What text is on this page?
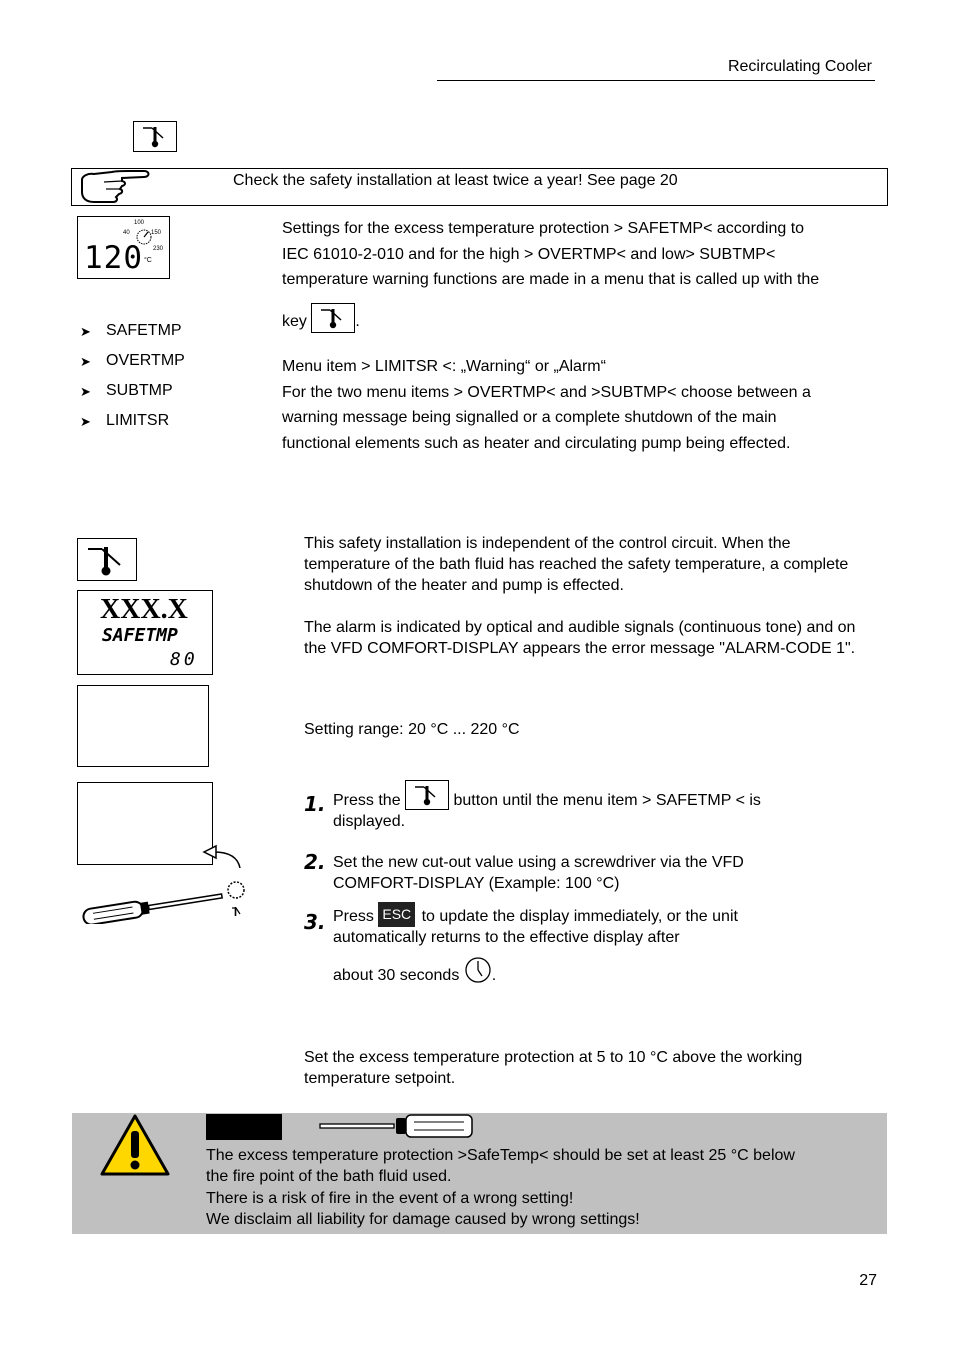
Recirculating Cooler
Check the safety installation at least twice a year! See page 20
120 °C
100
40	150
230
➤ SAFETMP
➤ OVERTMP
➤ SUBTMP
➤ LIMITSR
Settings for the excess temperature protection > SAFETMP< according to
IEC 61010-2-010 and for the high > OVERTMP< and low> SUBTMP<
temperature warning functions are made in a menu that is called up with the
key	.
Menu item > LIMITSR <: „Warning“ or „Alarm“
For the two menu items > OVERTMP< and >SUBTMP< choose between a
warning message being signalled or a complete shutdown of the main
functional elements such as heater and circulating pump being effected.
XXX.X
SAFETMP
80
This safety installation is independent of the control circuit. When the temperature of the bath fluid has reached the safety temperature, a complete shutdown of the heater and pump is effected.
The alarm is indicated by optical and audible signals (continuous tone) and on the VFD COMFORT-DISPLAY appears the error message "ALARM-CODE 1".
Setting range: 20 °C ... 220 °C
1. Press the	button until the menu item > SAFETMP < is
displayed.
2. Set the new cut-out value using a screwdriver via the VFD
COMFORT-DISPLAY (Example: 100 °C)
3. Press ESC to update the display immediately, or the unit
automatically returns to the effective display after
about 30 seconds .
Set the excess temperature protection at 5 to 10 °C above the working temperature setpoint.
The excess temperature protection >SafeTemp< should be set at least 25 °C below
the fire point of the bath fluid used.
There is a risk of fire in the event of a wrong setting!
We disclaim all liability for damage caused by wrong settings!
27
